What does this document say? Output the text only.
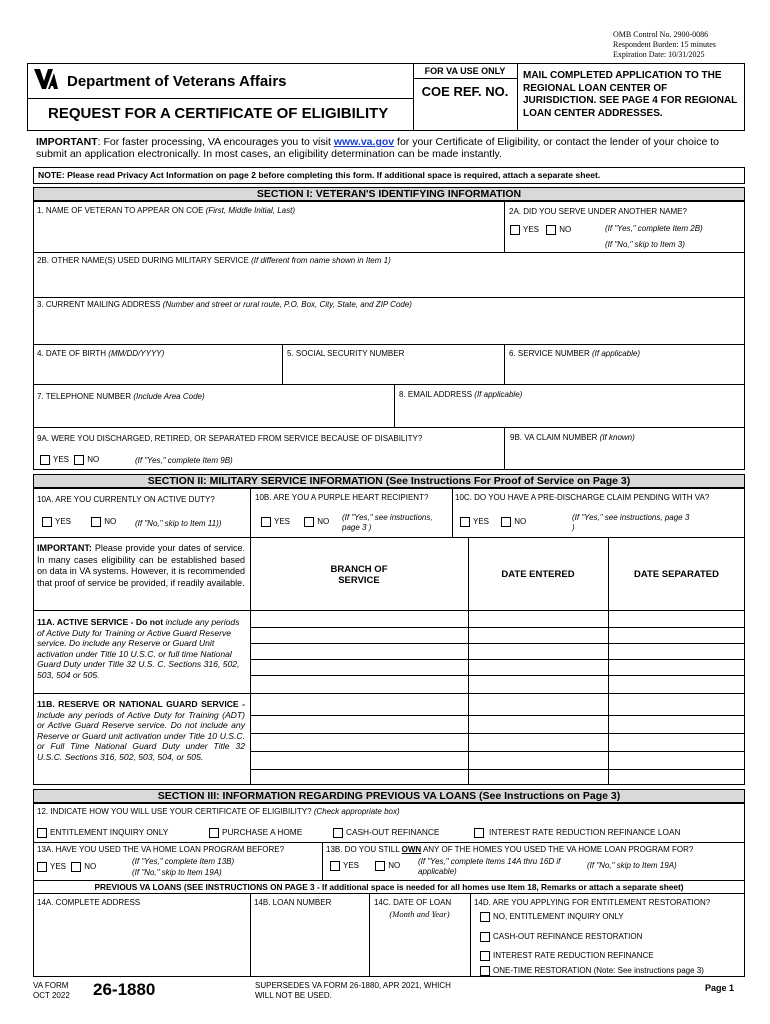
OMB Control No. 2900-0086
Respondent Burden: 15 minutes
Expiration Date: 10/31/2025
Department of Veterans Affairs
REQUEST FOR A CERTIFICATE OF ELIGIBILITY
FOR VA USE ONLY
COE REF. NO.
MAIL COMPLETED APPLICATION TO THE REGIONAL LOAN CENTER OF JURISDICTION. SEE PAGE 4 FOR REGIONAL LOAN CENTER ADDRESSES.
IMPORTANT: For faster processing, VA encourages you to visit www.va.gov for your Certificate of Eligibility, or contact the lender of your choice to submit an application electronically. In most cases, an eligibility determination can be made instantly.
NOTE: Please read Privacy Act Information on page 2 before completing this form. If additional space is required, attach a separate sheet.
SECTION I: VETERAN'S IDENTIFYING INFORMATION
1. NAME OF VETERAN TO APPEAR ON COE (First, Middle Initial, Last)	2A. DID YOU SERVE UNDER ANOTHER NAME?
YES	NO	(If "Yes," complete Item 2B)
(If "No," skip to Item 3)
2B. OTHER NAME(S) USED DURING MILITARY SERVICE (If different from name shown in Item 1)
3. CURRENT MAILING ADDRESS (Number and street or rural route, P.O. Box, City, State, and ZIP Code)
4. DATE OF BIRTH (MM/DD/YYYY)	5. SOCIAL SECURITY NUMBER	6. SERVICE NUMBER (If applicable)
7. TELEPHONE NUMBER (Include Area Code)	8. EMAIL ADDRESS (If applicable)
9A. WERE YOU DISCHARGED, RETIRED, OR SEPARATED FROM SERVICE BECAUSE OF DISABILITY?
YES NO	(If "Yes," complete Item 9B)
9B. VA CLAIM NUMBER (If known)
SECTION II: MILITARY SERVICE INFORMATION (See Instructions For Proof of Service on Page 3)
10A. ARE YOU CURRENTLY ON ACTIVE DUTY?
YES	NO (If "No," skip to Item 11))
10B. ARE YOU A PURPLE HEART RECIPIENT?
YES	NO (If "Yes," see instructions, page 3 )
10C. DO YOU HAVE A PRE-DISCHARGE CLAIM PENDING WITH VA?
YES	NO	(If "Yes," see instructions, page 3 )
IMPORTANT: Please provide your dates of service. In many cases eligibility can be established based on data in VA systems. However, it is recommended that proof of service be provided, if readily available.
BRANCH OF SERVICE
DATE ENTERED	DATE SEPARATED
11A. ACTIVE SERVICE - Do not include any periods of Active Duty for Training or Active Guard Reserve service. Do include any Reserve or Guard Unit activation under Title 10 U.S.C. or full time National Guard Duty under Title 32 U.S. C. Sections 316, 502, 503, 504 or 505.
11B. RESERVE OR NATIONAL GUARD SERVICE - Include any periods of Active Duty for Training (ADT) or Active Guard Reserve service. Do not include any Reserve or Guard unit activation under Title 10 U.S.C. or Full Time National Guard Duty under Title 32 U.S.C. Sections 316, 502, 503, 504, or 505.
SECTION III: INFORMATION REGARDING PREVIOUS VA LOANS (See Instructions on Page 3)
12. INDICATE HOW YOU WILL USE YOUR CERTIFICATE OF ELIGIBILITY? (Check appropriate box)
ENTITLEMENT INQUIRY ONLY	PURCHASE A HOME	CASH-OUT REFINANCE	INTEREST RATE REDUCTION REFINANCE LOAN
13A. HAVE YOU USED THE VA HOME LOAN PROGRAM BEFORE?
YES NO
(If "Yes," complete Item 13B)
(If "No," skip to Item 19A)
13B. DO YOU STILL OWN ANY OF THE HOMES YOU USED THE VA HOME LOAN PROGRAM FOR?
YES	NO (If "Yes," complete Items 14A thru 16D if applicable)
(If "No," skip to Item 19A)
PREVIOUS VA LOANS (SEE INSTRUCTIONS ON PAGE 3 - If additional space is needed for all homes use Item 18, Remarks or attach a separate sheet)
14A. COMPLETE ADDRESS	14B. LOAN NUMBER	14C. DATE OF LOAN
(Month and Year)
14D. ARE YOU APPLYING FOR ENTITLEMENT RESTORATION?
NO, ENTITLEMENT INQUIRY ONLY
CASH-OUT REFINANCE RESTORATION
INTEREST RATE REDUCTION REFINANCE
ONE-TIME RESTORATION (Note: See instructions page 3)
VA FORM
OCT 2022 26-1880	SUPERSEDES VA FORM 26-1880, APR 2021, WHICH WILL NOT BE USED.
Page 1
